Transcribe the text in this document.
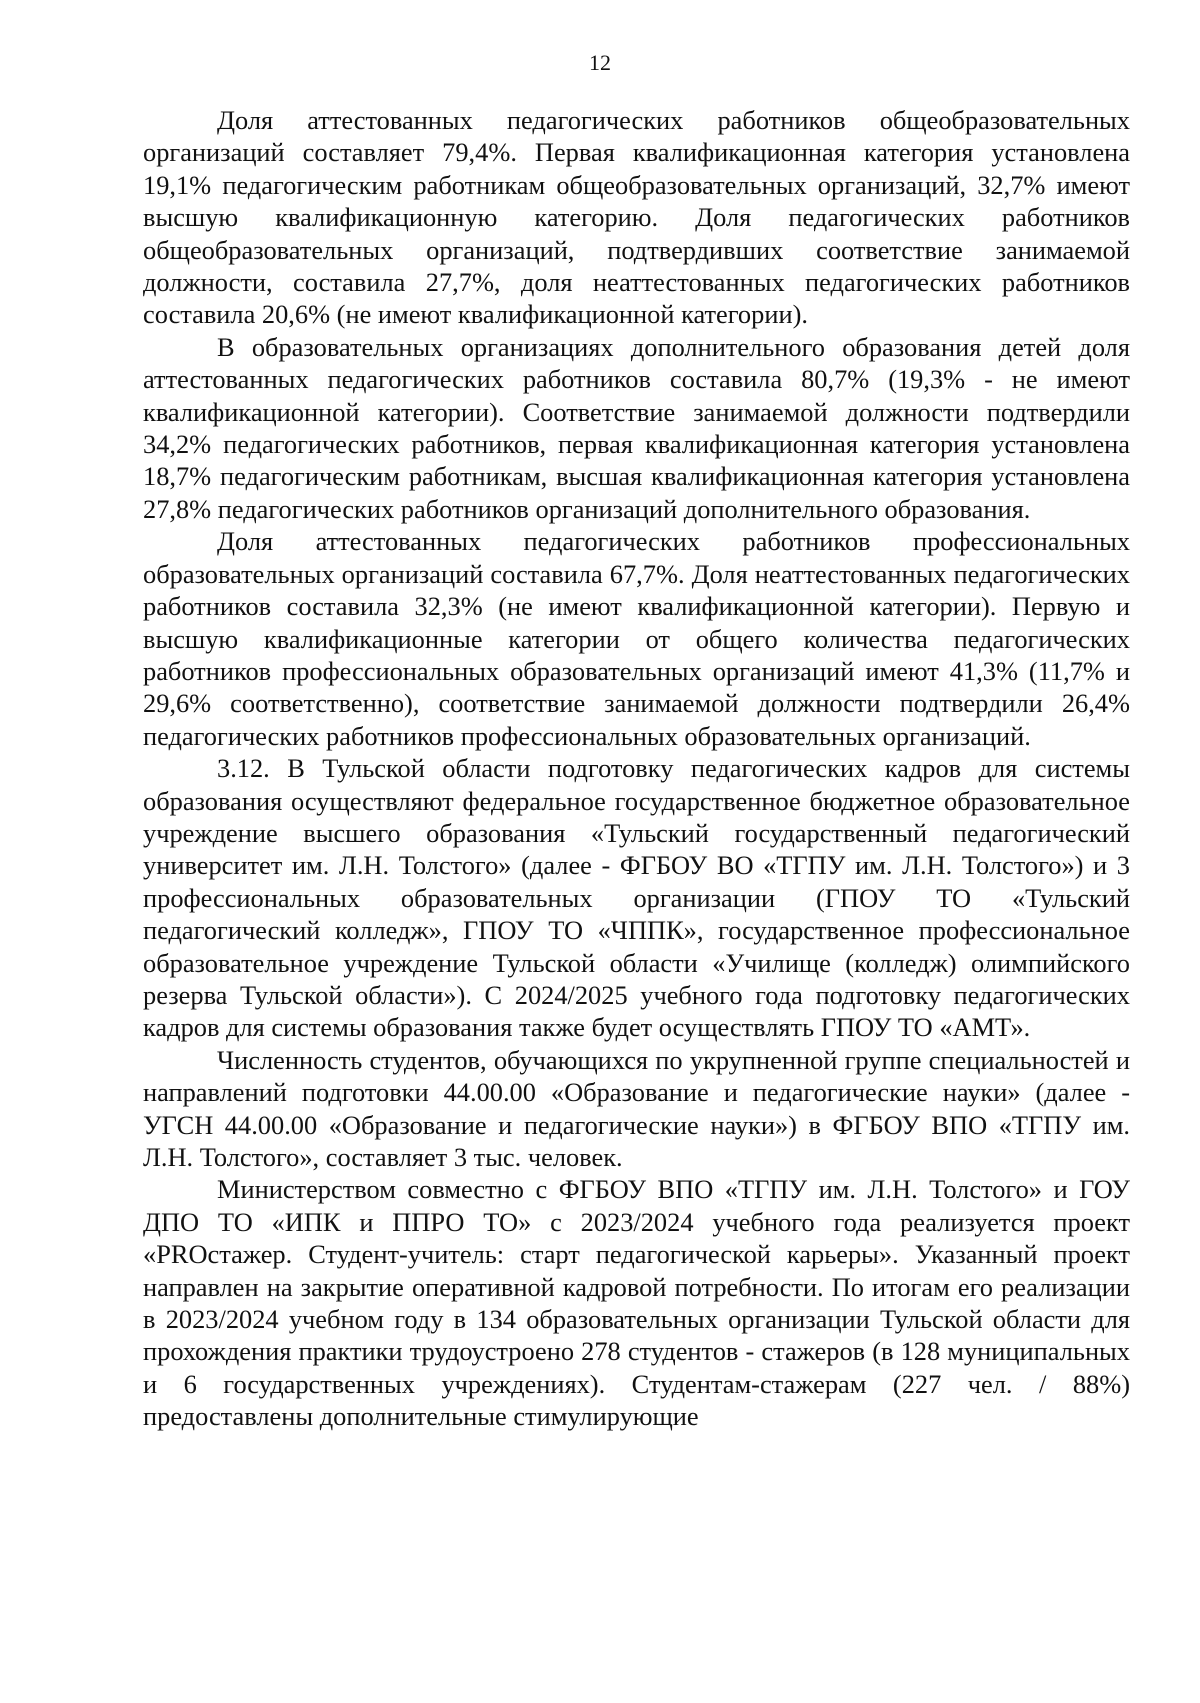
12

Доля аттестованных педагогических работников общеобразовательных организаций составляет 79,4%. Первая квалификационная категория установлена 19,1% педагогическим работникам общеобразовательных организаций, 32,7% имеют высшую квалификационную категорию. Доля педагогических работников общеобразовательных организаций, подтвердивших соответствие занимаемой должности, составила 27,7%, доля неаттестованных педагогических работников составила 20,6% (не имеют квалификационной категории).

В образовательных организациях дополнительного образования детей доля аттестованных педагогических работников составила 80,7% (19,3% - не имеют квалификационной категории). Соответствие занимаемой должности подтвердили 34,2% педагогических работников, первая квалификационная категория установлена 18,7% педагогическим работникам, высшая квалификационная категория установлена 27,8% педагогических работников организаций дополнительного образования.

Доля аттестованных педагогических работников профессиональных образовательных организаций составила 67,7%. Доля неаттестованных педагогических работников составила 32,3% (не имеют квалификационной категории). Первую и высшую квалификационные категории от общего количества педагогических работников профессиональных образовательных организаций имеют 41,3% (11,7% и 29,6% соответственно), соответствие занимаемой должности подтвердили 26,4% педагогических работников профессиональных образовательных организаций.

3.12. В Тульской области подготовку педагогических кадров для системы образования осуществляют федеральное государственное бюджетное образовательное учреждение высшего образования «Тульский государственный педагогический университет им. Л.Н. Толстого» (далее - ФГБОУ ВО «ТГПУ им. Л.Н. Толстого») и 3 профессиональных образовательных организации (ГПОУ ТО «Тульский педагогический колледж», ГПОУ ТО «ЧППК», государственное профессиональное образовательное учреждение Тульской области «Училище (колледж) олимпийского резерва Тульской области»). С 2024/2025 учебного года подготовку педагогических кадров для системы образования также будет осуществлять ГПОУ ТО «АМТ».

Численность студентов, обучающихся по укрупненной группе специальностей и направлений подготовки 44.00.00 «Образование и педагогические науки» (далее - УГСН 44.00.00 «Образование и педагогические науки») в ФГБОУ ВПО «ТГПУ им. Л.Н. Толстого», составляет 3 тыс. человек.

Министерством совместно с ФГБОУ ВПО «ТГПУ им. Л.Н. Толстого» и ГОУ ДПО ТО «ИПК и ППРО ТО» с 2023/2024 учебного года реализуется проект «PROстажер. Студент-учитель: старт педагогической карьеры». Указанный проект направлен на закрытие оперативной кадровой потребности. По итогам его реализации в 2023/2024 учебном году в 134 образовательных организации Тульской области для прохождения практики трудоустроено 278 студентов - стажеров (в 128 муниципальных и 6 государственных учреждениях). Студентам-стажерам (227 чел. / 88%) предоставлены дополнительные стимулирующие
